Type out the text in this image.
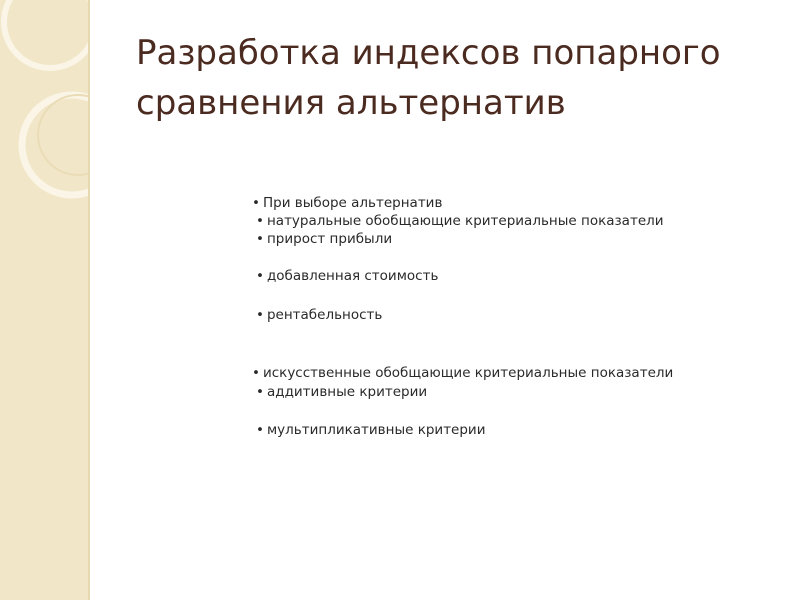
Разработка индексов попарного сравнения альтернатив
• При выборе альтернатив
• натуральные обобщающие критериальные показатели
• прирост прибыли
• добавленная стоимость
• рентабельность
• искусственные обобщающие критериальные показатели
• аддитивные критерии
• мультипликативные критерии
